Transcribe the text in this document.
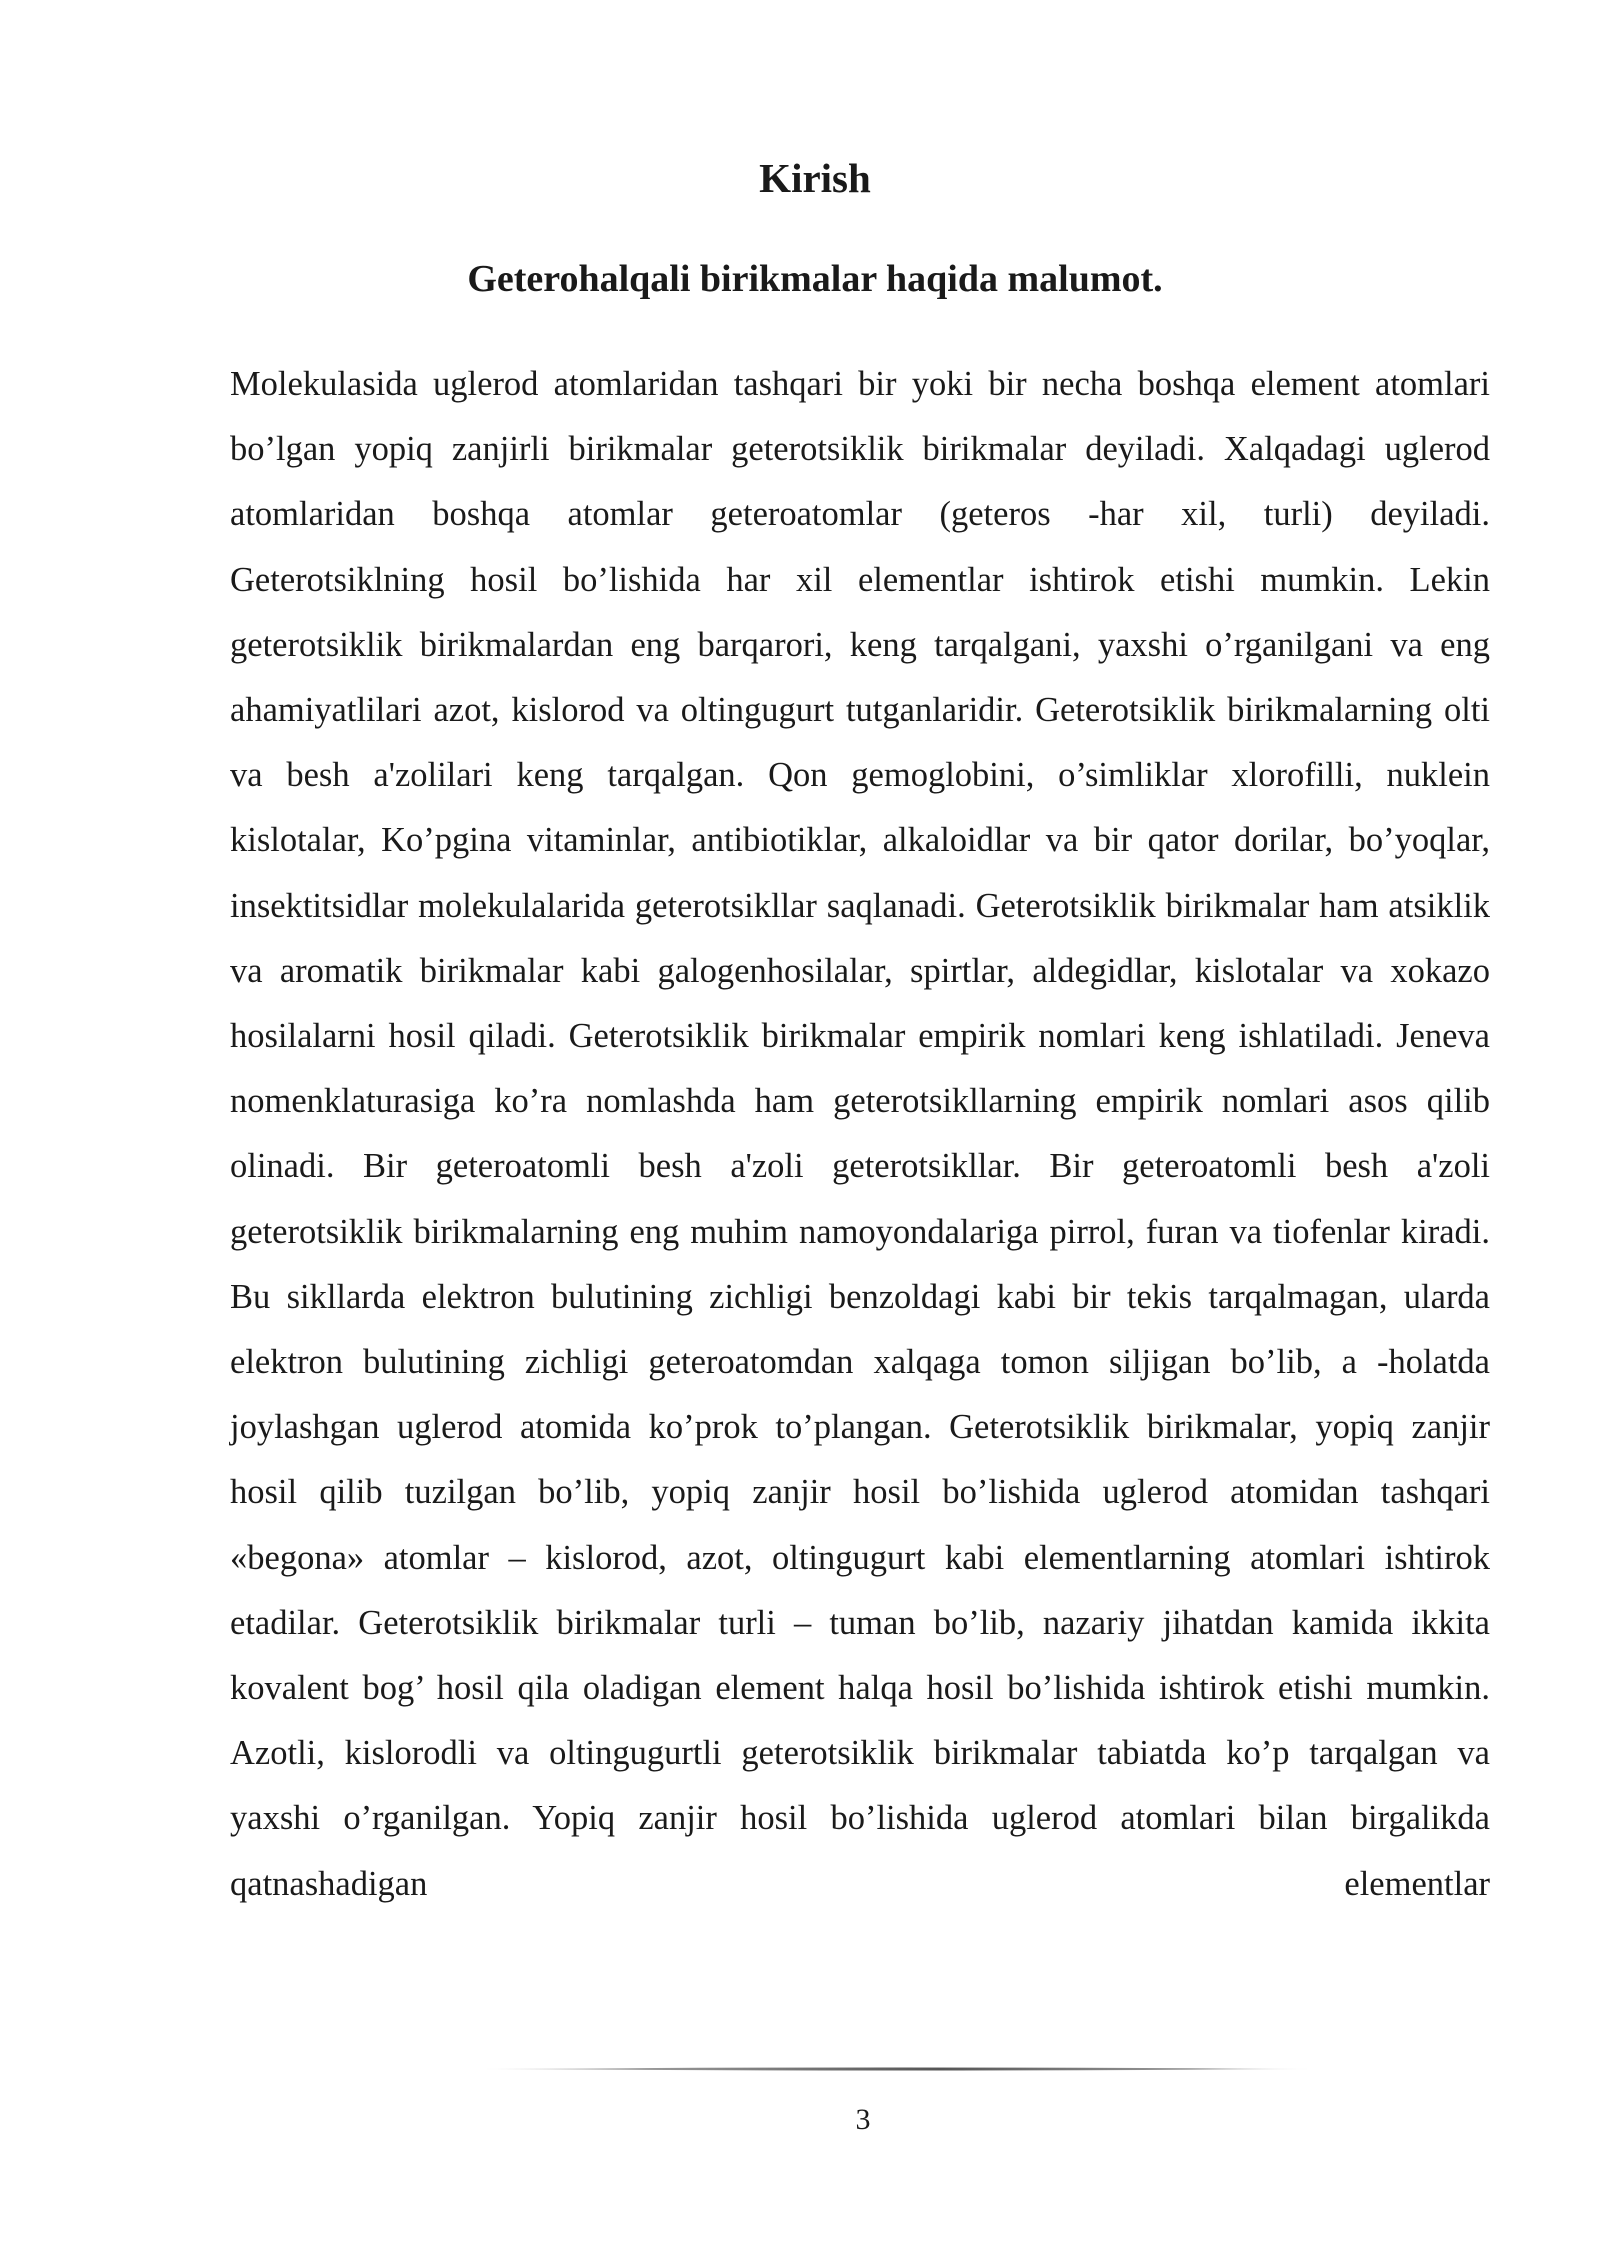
Kirish
Geterohalqali birikmalar haqida malumot.

Molekulasida uglerod atomlaridan tashqari bir yoki bir necha boshqa element atomlari bo’lgan yopiq zanjirli birikmalar geterotsiklik birikmalar deyiladi. Xalqadagi uglerod atomlaridan boshqa atomlar geteroatomlar (geteros -har xil, turli) deyiladi. Geterotsiklning hosil bo’lishida har xil elementlar ishtirok etishi mumkin. Lekin geterotsiklik birikmalardan eng barqarori, keng tarqalgani, yaxshi o’rganilgani va eng ahamiyatlilari azot, kislorod va oltingugurt tutganlaridir. Geterotsiklik birikmalarning olti va besh a'zolilari keng tarqalgan. Qon gemoglobini, o’simliklar xlorofilli, nuklein kislotalar, Ko’pgina vitaminlar, antibiotiklar, alkaloidlar va bir qator dorilar, bo’yoqlar, insektitsidlar molekulalarida geterotsikllar saqlanadi. Geterotsiklik birikmalar ham atsiklik va aromatik birikmalar kabi galogenhosilalar, spirtlar, aldegidlar, kislotalar va xokazo hosilalarni hosil qiladi. Geterotsiklik birikmalar empirik nomlari keng ishlatiladi. Jeneva nomenklaturasiga ko’ra nomlashda ham geterotsikllarning empirik nomlari asos qilib olinadi. Bir geteroatomli besh a'zoli geterotsikllar. Bir geteroatomli besh a'zoli geterotsiklik birikmalarning eng muhim namoyondalariga pirrol, furan va tiofenlar kiradi. Bu sikllarda elektron bulutining zichligi benzoldagi kabi bir tekis tarqalmagan, ularda elektron bulutining zichligi geteroatomdan xalqaga tomon siljigan bo’lib, a -holatda joylashgan uglerod atomida ko’prok to’plangan. Geterotsiklik birikmalar, yopiq zanjir hosil qilib tuzilgan bo’lib, yopiq zanjir hosil bo’lishida uglerod atomidan tashqari «begona» atomlar – kislorod, azot, oltingugurt kabi elementlarning atomlari ishtirok etadilar. Geterotsiklik birikmalar turli – tuman bo’lib, nazariy jihatdan kamida ikkita kovalent bog’ hosil qila oladigan element halqa hosil bo’lishida ishtirok etishi mumkin. Azotli, kislorodli va oltingugurtli geterotsiklik birikmalar tabiatda ko’p tarqalgan va yaxshi o’rganilgan. Yopiq zanjir hosil bo’lishida uglerod atomlari bilan birgalikda qatnashadigan elementlar

3
